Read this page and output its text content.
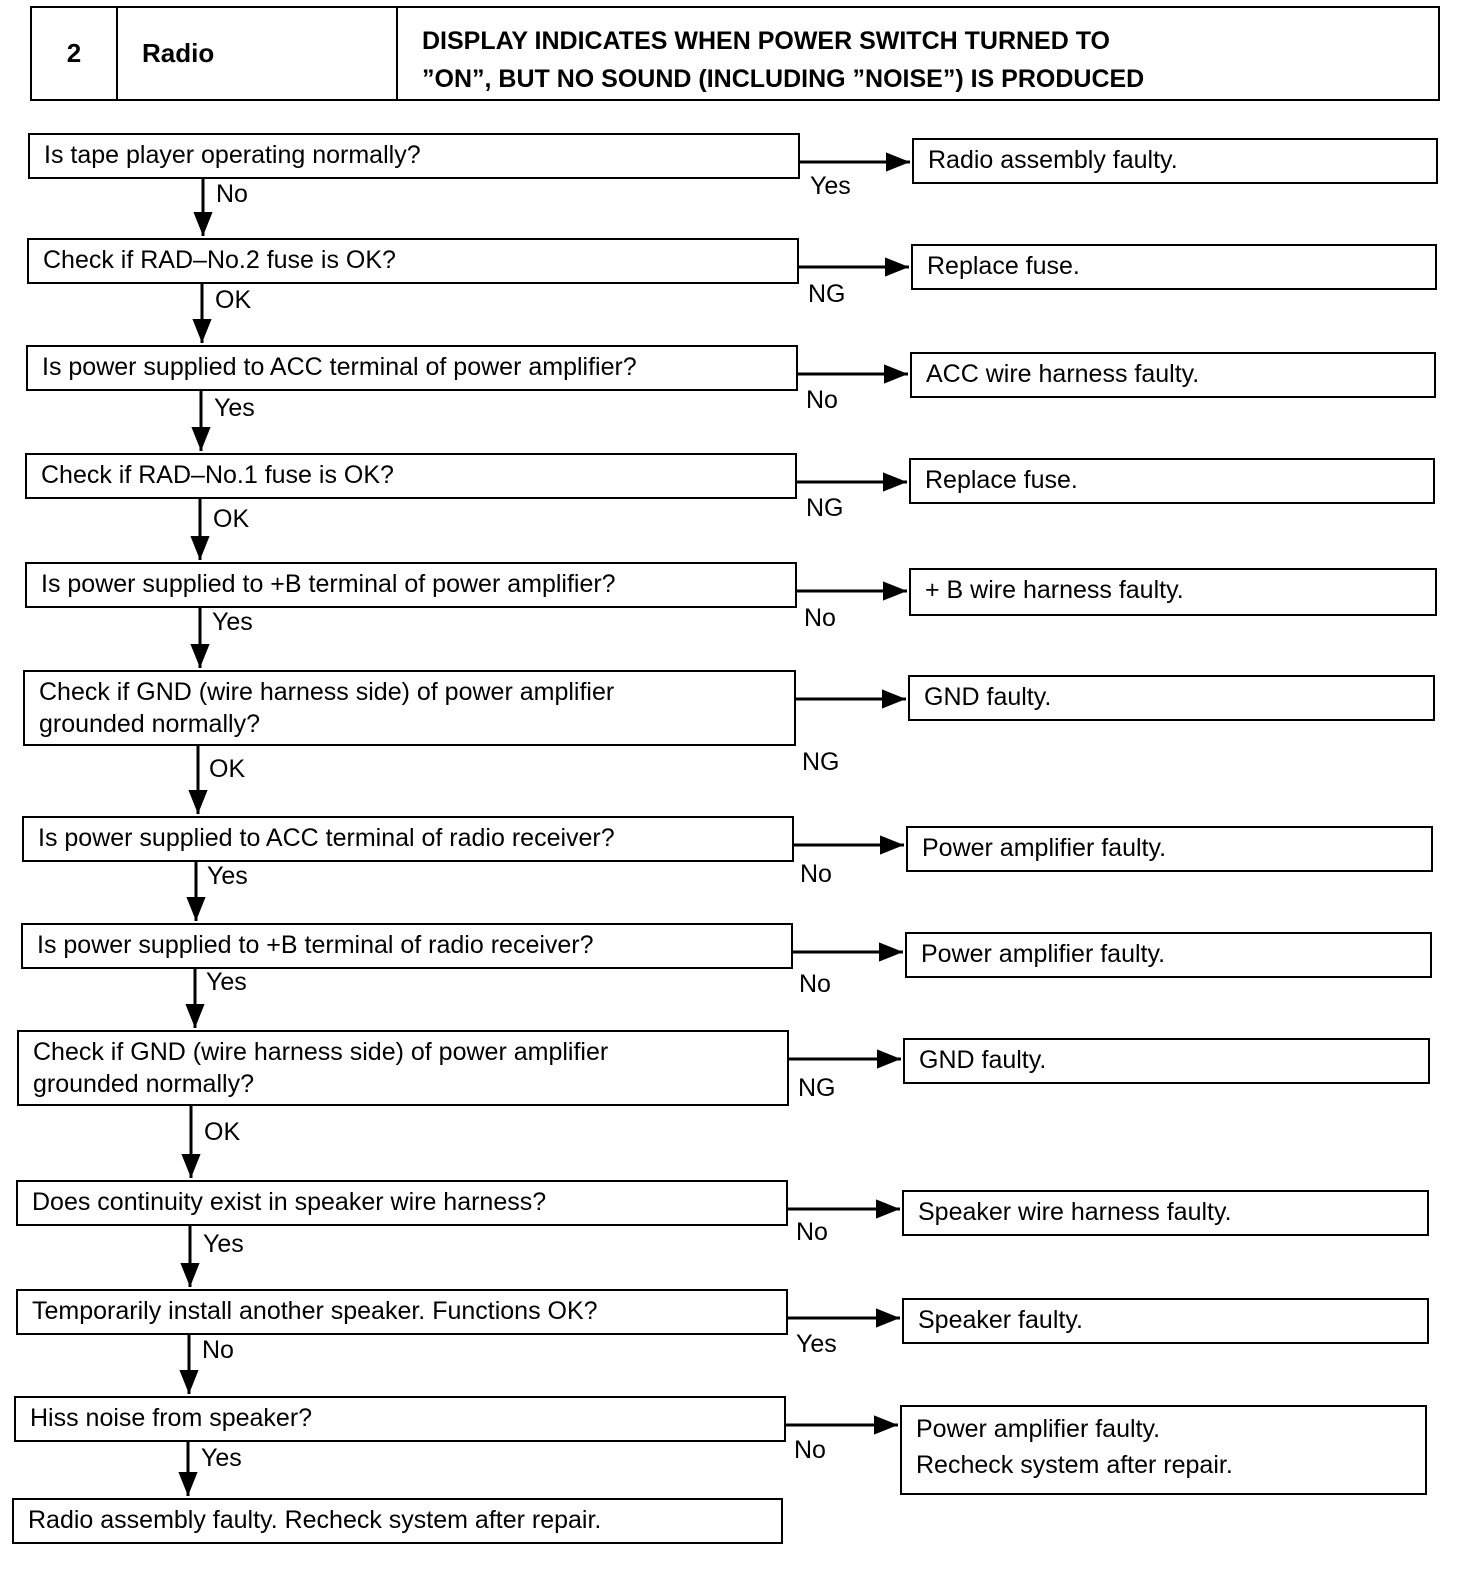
2	Radio	DISPLAY INDICATES WHEN POWER SWITCH TURNED TO
”ON”, BUT NO SOUND (INCLUDING ”NOISE”) IS PRODUCED
Is tape player operating normally?
No	Yes
Radio assembly faulty.
Check if RAD–No.2 fuse is OK?
OK	NG
Replace fuse.
Is power supplied to ACC terminal of power amplifier?
Yes	No
ACC wire harness faulty.
Check if RAD–No.1 fuse is OK?
OK	NG
Replace fuse.
Is power supplied to +B terminal of power amplifier?
Yes	No
+ B wire harness faulty.
Check if GND (wire harness side) of power amplifier
grounded normally?
OK	NG
GND faulty.
Is power supplied to ACC terminal of radio receiver?
Yes	No
Power amplifier faulty.
Is power supplied to +B terminal of radio receiver?
Yes	No
Power amplifier faulty.
Check if GND (wire harness side) of power amplifier
grounded normally?
OK
NG
GND faulty.
Does continuity exist in speaker wire harness?
Yes	No
Speaker wire harness faulty.
Temporarily install another speaker. Functions OK?
No	Yes
Speaker faulty.
Hiss noise from speaker?
Yes	No
Power amplifier faulty.
Recheck system after repair.
Radio assembly faulty. Recheck system after repair.
